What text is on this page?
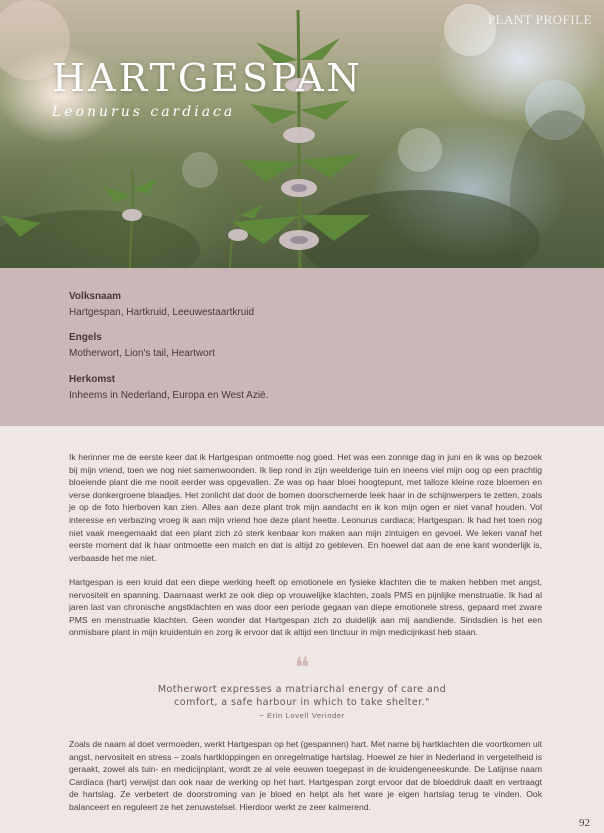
PLANT PROFILE
HARTGESPAN
Leonurus cardiaca

Volksnaam

Hartgespan, Hartkruid, Leeuwestaartkruid

Engels

Motherwort, Lion's tail, Heartwort

Herkomst

Inheems in Nederland, Europa en West Azië.

Ik herinner me de eerste keer dat ik Hartgespan ontmoette nog goed. Het was een zonnige dag in juni en ik was op bezoek bij mijn vriend, toen we nog niet samenwoonden. Ik liep rond in zijn weelderige tuin en ineens viel mijn oog op een prachtig bloeiende plant die me nooit eerder was opgevallen. Ze was op haar bloei hoogtepunt, met talloze kleine roze bloemen en verse donkergroene blaadjes. Het zonlicht dat door de bomen doorschemerde leek haar in de schijnwerpers te zetten, zoals je op de foto hierboven kan zien. Alles aan deze plant trok mijn aandacht en ik kon mijn ogen er niet vanaf houden. Vol interesse en verbazing vroeg ik aan mijn vriend hoe deze plant heette. Leonurus cardiaca; Hartgespan. Ik had het toen nog niet vaak meegemaakt dat een plant zich zó sterk kenbaar kon maken aan mijn zintuigen en gevoel. We leken vanaf het eerste moment dat ik haar ontmoette een match en dat is altijd zo gebleven. En hoewel dat aan de ene kant wonderlijk is, verbaasde het me niet.

Hartgespan is een kruid dat een diepe werking heeft op emotionele en fysieke klachten die te maken hebben met angst, nervositeit en spanning. Daarnaast werkt ze ook diep op vrouwelijke klachten, zoals PMS en pijnlijke menstruatie. Ik had al jaren last van chronische angstklachten en was door een periode gegaan van diepe emotionele stress, gepaard met zware PMS en menstruatie klachten. Geen wonder dat Hartgespan zich zo duidelijk aan mij aandiende. Sindsdien is het een onmisbare plant in mijn kruidentuin en zorg ik ervoor dat ik altijd een tinctuur in mijn medicijnkast heb staan.

❝

Motherwort expresses a matriarchal energy of care and comfort, a safe harbour in which to take shelter."

~ Erin Lovell Verinder

Zoals de naam al doet vermoeden, werkt Hartgespan op het (gespannen) hart. Met name bij hartklachten die voortkomen uit angst, nervositeit en stress – zoals hartkloppingen en onregelmatige hartslag. Hoewel ze hier in Nederland in vergetelheid is geraakt, zowel als tuin- en medicijnplant, wordt ze al vele eeuwen toegepast in de kruidengeneeskunde. De Latijnse naam Cardiaca (hart) verwijst dan ook naar de werking op het hart. Hartgespan zorgt ervoor dat de bloeddruk daalt en vertraagt de hartslag. Ze verbetert de doorstroming van je bloed en helpt als het ware je eigen hartslag terug te vinden. Ook balanceert en reguleert ze het zenuwstelsel. Hierdoor werkt ze zeer kalmerend.

92
